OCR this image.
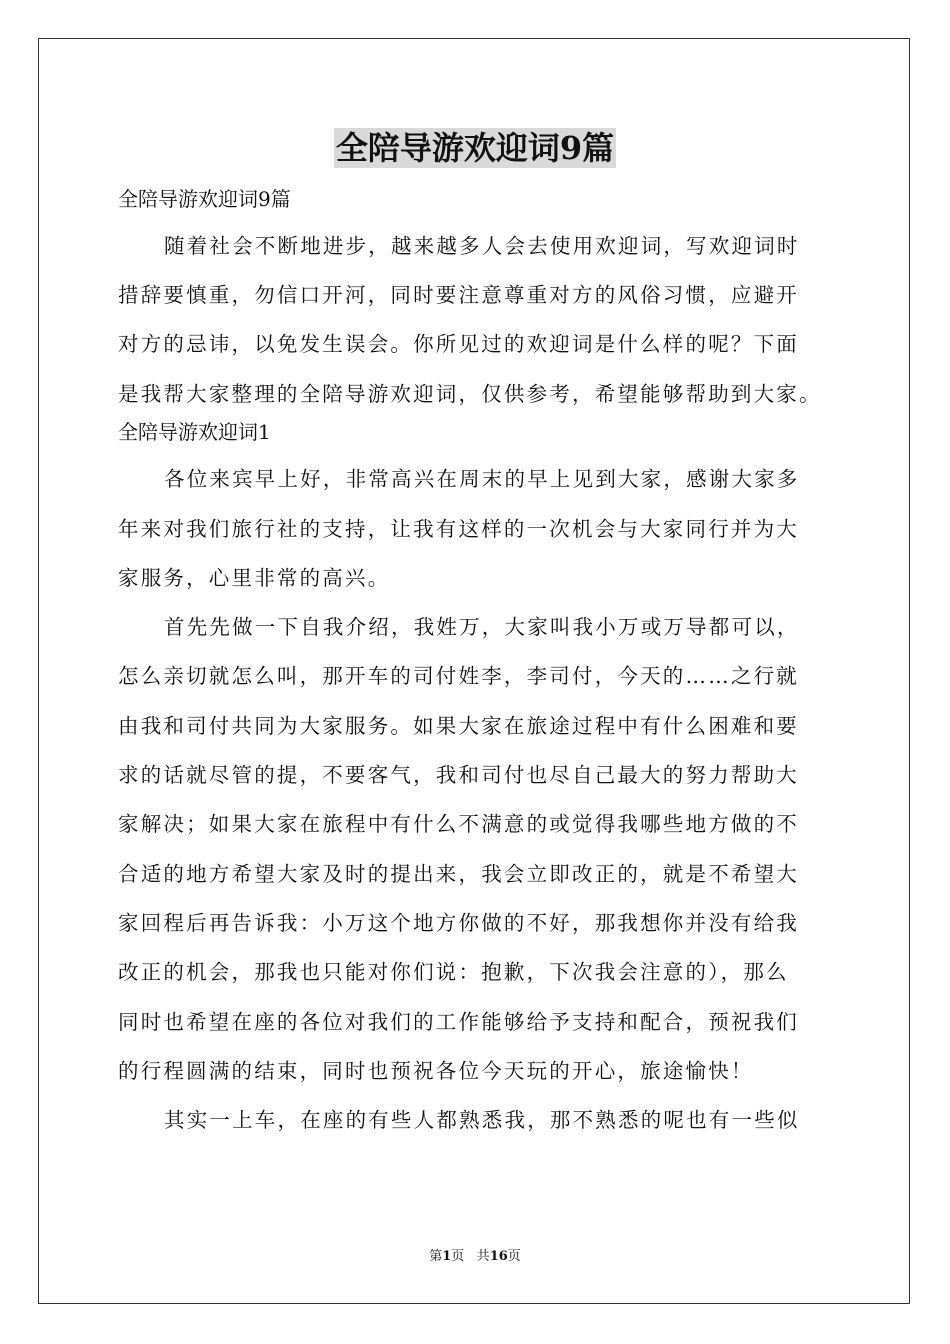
全陪导游欢迎词9篇
全陪导游欢迎词9篇
随着社会不断地进步，越来越多人会去使用欢迎词，写欢迎词时
措辞要慎重，勿信口开河，同时要注意尊重对方的风俗习惯，应避开
对方的忌讳，以免发生误会。你所见过的欢迎词是什么样的呢？下面
是我帮大家整理的全陪导游欢迎词，仅供参考，希望能够帮助到大家。
全陪导游欢迎词1
各位来宾早上好，非常高兴在周末的早上见到大家，感谢大家多
年来对我们旅行社的支持，让我有这样的一次机会与大家同行并为大
家服务，心里非常的高兴。
首先先做一下自我介绍，我姓万，大家叫我小万或万导都可以，
怎么亲切就怎么叫，那开车的司付姓李，李司付，今天的……之行就
由我和司付共同为大家服务。如果大家在旅途过程中有什么困难和要
求的话就尽管的提，不要客气，我和司付也尽自己最大的努力帮助大
家解决；如果大家在旅程中有什么不满意的或觉得我哪些地方做的不
合适的地方希望大家及时的提出来，我会立即改正的，就是不希望大
家回程后再告诉我：小万这个地方你做的不好，那我想你并没有给我
改正的机会，那我也只能对你们说：抱歉，下次我会注意的），那么
同时也希望在座的各位对我们的工作能够给予支持和配合，预祝我们
的行程圆满的结束，同时也预祝各位今天玩的开心，旅途愉快！
其实一上车，在座的有些人都熟悉我，那不熟悉的呢也有一些似
第1页 共16页
